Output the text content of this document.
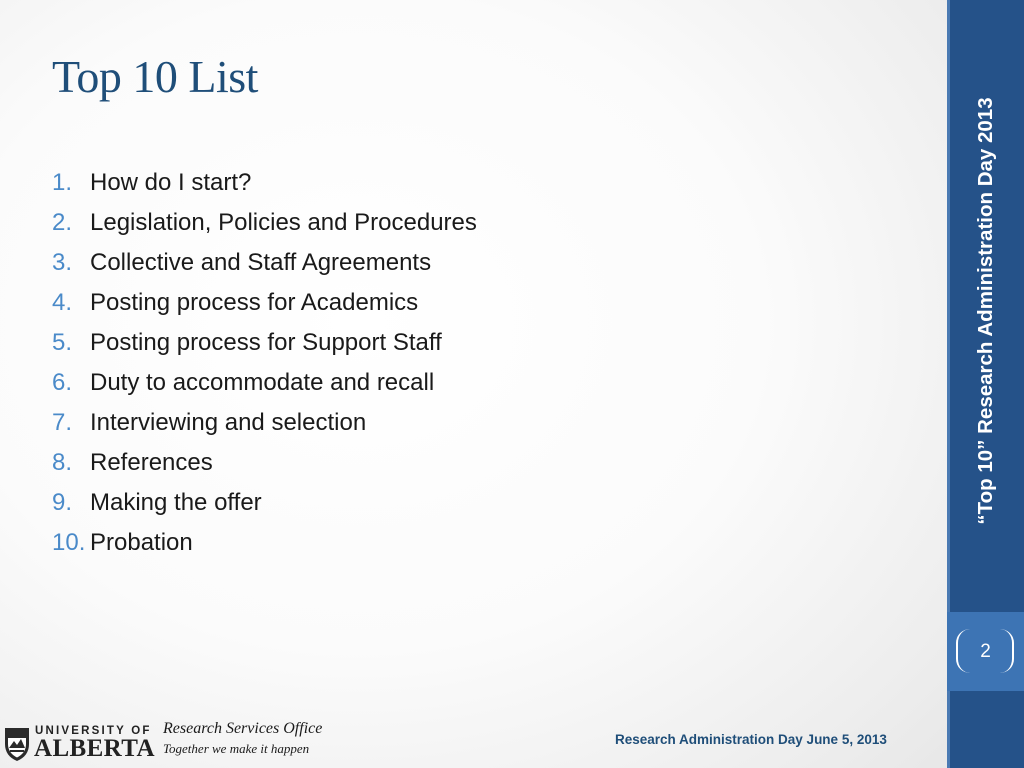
Top 10 List
1. How do I start?
2. Legislation, Policies and Procedures
3. Collective and Staff Agreements
4. Posting process for Academics
5. Posting process for Support Staff
6. Duty to accommodate and recall
7. Interviewing and selection
8. References
9. Making the offer
10. Probation
UNIVERSITY OF
ALBERTA
Research Services Office
Together we make it happen
Research Administration Day June 5, 2013
“Top 10” Research Administration Day 2013
2
